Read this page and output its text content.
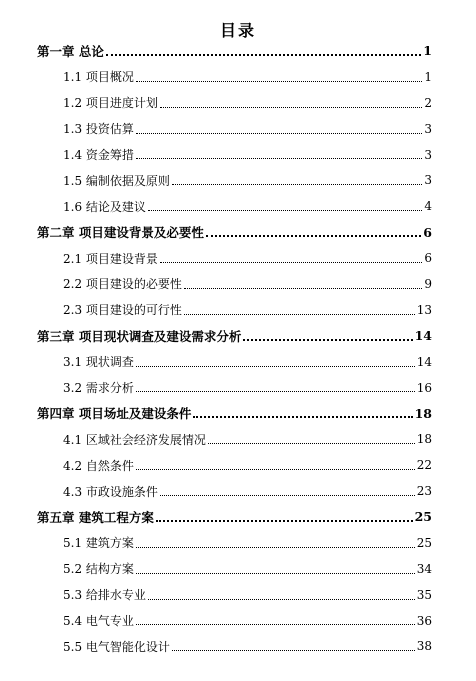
目录
第一章 总论	1
1.1 项目概况	1
1.2 项目进度计划	2
1.3 投资估算	3
1.4 资金筹措	3
1.5 编制依据及原则	3
1.6 结论及建议	4
第二章 项目建设背景及必要性	6
2.1 项目建设背景	6
2.2 项目建设的必要性	9
2.3 项目建设的可行性	13
第三章 项目现状调查及建设需求分析	14
3.1 现状调查	14
3.2 需求分析	16
第四章 项目场址及建设条件	18
4.1 区域社会经济发展情况	18
4.2 自然条件	22
4.3 市政设施条件	23
第五章 建筑工程方案	25
5.1 建筑方案	25
5.2 结构方案	34
5.3 给排水专业	35
5.4 电气专业	36
5.5 电气智能化设计	38
